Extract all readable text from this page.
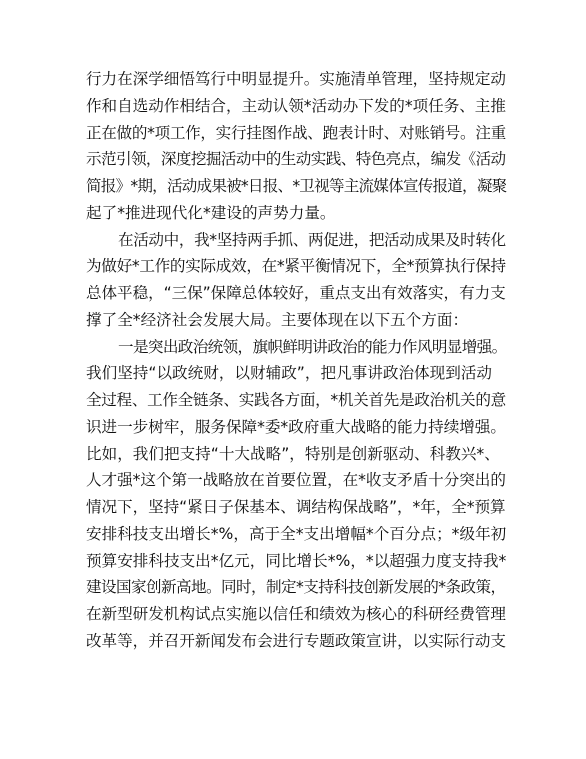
行力在深学细悟笃行中明显提升。实施清单管理，坚持规定动
作和自选动作相结合，主动认领*活动办下发的*项任务、主推
正在做的*项工作，实行挂图作战、跑表计时、对账销号。注重
示范引领，深度挖掘活动中的生动实践、特色亮点，编发《活动
简报》*期，活动成果被*日报、*卫视等主流媒体宣传报道，凝聚
起了*推进现代化*建设的声势力量。
在活动中，我*坚持两手抓、两促进，把活动成果及时转化
为做好*工作的实际成效，在*紧平衡情况下，全*预算执行保持
总体平稳，“三保”保障总体较好，重点支出有效落实，有力支
撑了全*经济社会发展大局。主要体现在以下五个方面：
一是突出政治统领，旗帜鲜明讲政治的能力作风明显增强。
我们坚持“以政统财，以财辅政”，把凡事讲政治体现到活动
全过程、工作全链条、实践各方面，*机关首先是政治机关的意
识进一步树牢，服务保障*委*政府重大战略的能力持续增强。
比如，我们把支持“十大战略”，特别是创新驱动、科教兴*、
人才强*这个第一战略放在首要位置，在*收支矛盾十分突出的
情况下，坚持“紧日子保基本、调结构保战略”，*年，全*预算
安排科技支出增长*%，高于全*支出增幅*个百分点；*级年初
预算安排科技支出*亿元，同比增长*%，*以超强力度支持我*
建设国家创新高地。同时，制定*支持科技创新发展的*条政策，
在新型研发机构试点实施以信任和绩效为核心的科研经费管理
改革等，并召开新闻发布会进行专题政策宣讲，以实际行动支
